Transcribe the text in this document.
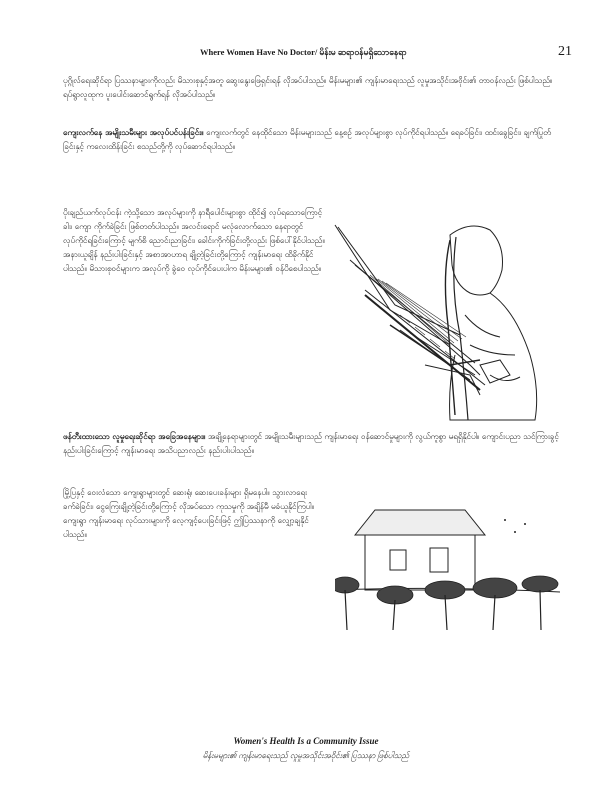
Where Women Have No Doctor/ မိန်းမ ဆရာဝန်မရှိသောနေရာ	21

ပုဂ္ဂိုလ်ရေးဆိုင်ရာ ပြဿနာများကိုလည်း မိသားစုနှင့်အတူ ဆွေးနွေးဖြေရှင်းရန် လိုအပ်ပါသည်။ မိန်းမများ၏ ကျန်းမာရေးသည် လူမှုအသိုင်းအဝိုင်း၏ တာဝန်လည်း ဖြစ်ပါသည်။ ရပ်ရွာလူထုက ပူးပေါင်းဆောင်ရွက်ရန် လိုအပ်ပါသည်။

ကျေးလက်နေ အမျိုးသမီးများ အလုပ်ပင်ပန်းခြင်း။ ကျေးလက်တွင် နေထိုင်သော မိန်းမများသည် နေ့စဉ် အလုပ်များစွာ လုပ်ကိုင်ရပါသည်။ ရေခပ်ခြင်း၊ ထင်းခွေခြင်း၊ ချက်ပြုတ်ခြင်းနှင့် ကလေးထိန်းခြင်း စသည်တို့ကို လုပ်ဆောင်ရပါသည်။

ပိုးချည်ယက်လုပ်ငန်း ကဲ့သို့သော အလုပ်များကို နာရီပေါင်းများစွာ ထိုင်၍ လုပ်ရသောကြောင့် ခါး၊ ကျော ကိုက်ခဲခြင်း ဖြစ်တတ်ပါသည်။ အလင်းရောင် မလုံလောက်သော နေရာတွင် လုပ်ကိုင်ရခြင်းကြောင့် မျက်စိ ညောင်းညာခြင်း၊ ခေါင်းကိုက်ခြင်းတို့လည်း ဖြစ်ပေါ်နိုင်ပါသည်။ အနားယူချိန် နည်းပါးခြင်းနှင့် အစာအာဟာရ ချို့တဲ့ခြင်းတို့ကြောင့် ကျန်းမာရေး ထိခိုက်နိုင်ပါသည်။ မိသားစုဝင်များက အလုပ်ကို ခွဲဝေ လုပ်ကိုင်ပေးပါက မိန်းမများ၏ ဝန်ပိစေပါသည်။

ဖန်တီးထားသော လူမှုရေးဆိုင်ရာ အခြေအနေများ။ အချို့နေရာများတွင် အမျိုးသမီးများသည် ကျန်းမာရေး ဝန်ဆောင်မှုများကို လွယ်ကူစွာ မရရှိနိုင်ပါ။ ကျောင်းပညာ သင်ကြားခွင့် နည်းပါးခြင်းကြောင့် ကျန်းမာရေး အသိပညာလည်း နည်းပါးပါသည်။

မြို့ပြနှင့် ဝေးလံသော ကျေးရွာများတွင် ဆေးရုံ၊ ဆေးပေးခန်းများ ရှိမနေပါ။ သွားလာရေး ခက်ခဲခြင်း၊ ငွေကြေးချို့တဲ့ခြင်းတို့ကြောင့် လိုအပ်သော ကုသမှုကို အချိန်မီ မခံယူနိုင်ကြပါ။ ကျေးရွာ ကျန်းမာရေး လုပ်သားများကို လေ့ကျင့်ပေးခြင်းဖြင့် ဤပြဿနာကို လျှော့ချနိုင်ပါသည်။

Women's Health Is a Community Issue
မိန်းမများ၏ ကျန်းမာရေးသည် လူမှုအသိုင်းအဝိုင်း၏ ပြဿနာ ဖြစ်ပါသည်
